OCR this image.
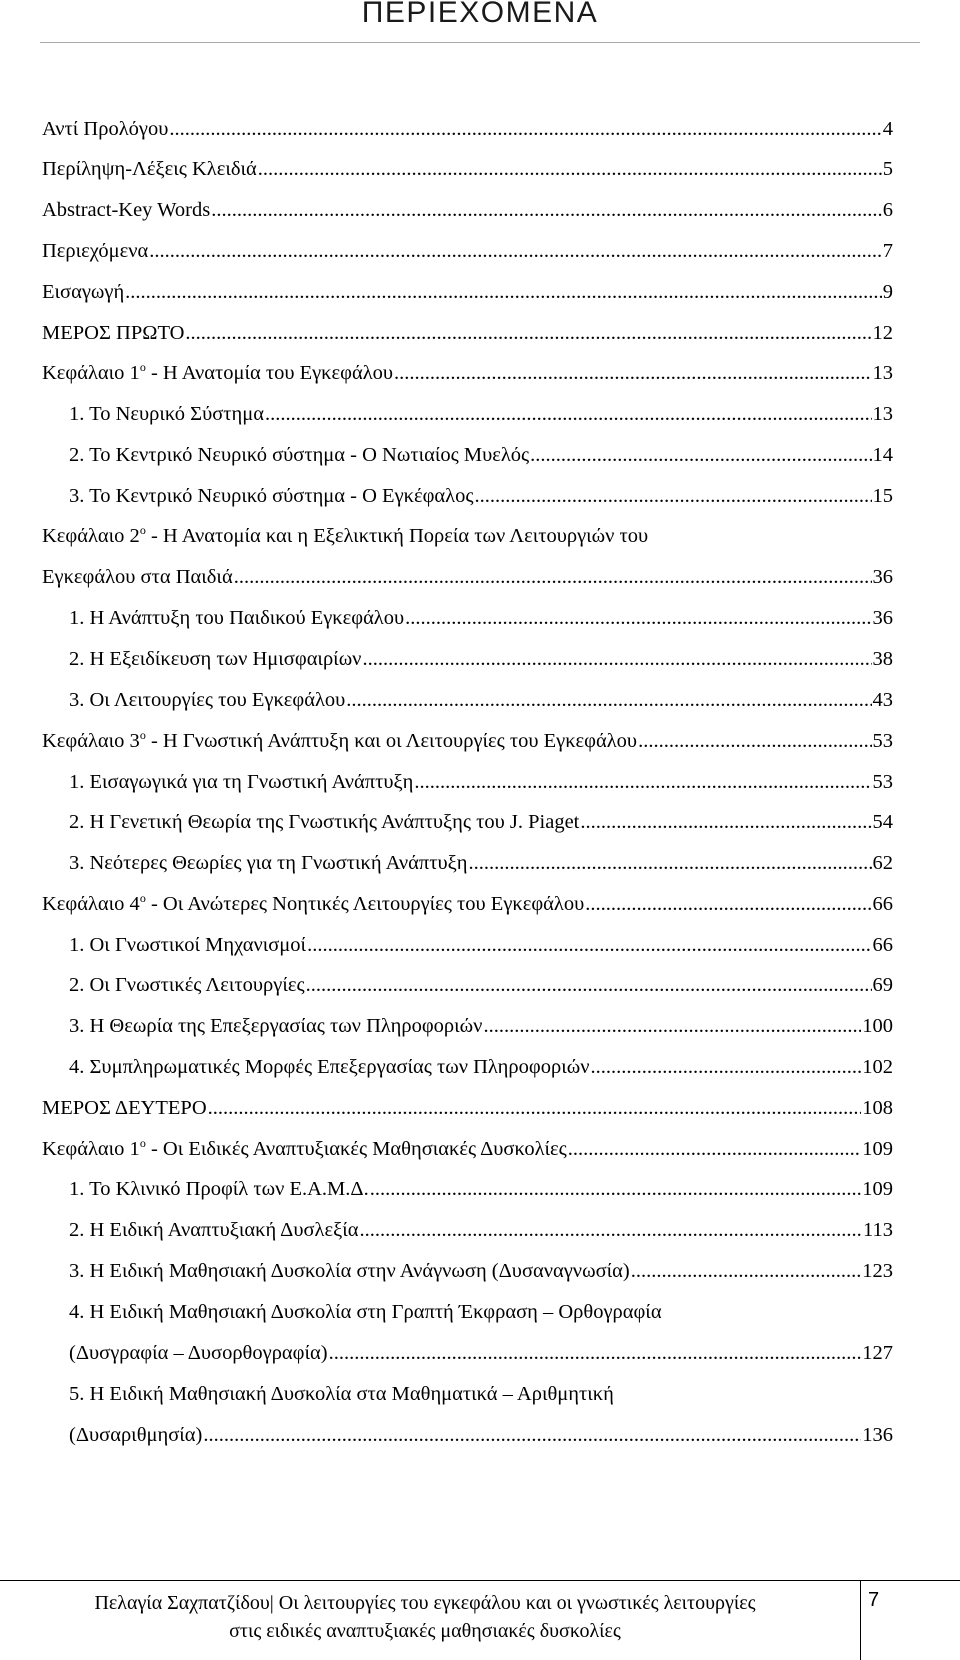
ΠΕΡΙΕΧΟΜΕΝΑ
Αντί Προλόγου .....	4
Περίληψη-Λέξεις Κλειδιά .....	5
Abstract-Key Words .....	6
Περιεχόμενα .....	7
Εισαγωγή .....	9
ΜΕΡΟΣ ΠΡΩΤΟ .....	12
Κεφάλαιο $1^o$ - Η Ανατομία του Εγκεφάλου .....	13
1. Το Νευρικό Σύστημα .....	13
2. Το Κεντρικό Νευρικό σύστημα - Ο Νωτιαίος Μυελός .....	14
3. Το Κεντρικό Νευρικό σύστημα - Ο Εγκέφαλος .....	15
Κεφάλαιο $2^o$ - Η Ανατομία και η Εξελικτική Πορεία των Λειτουργιών του
Εγκεφάλου στα Παιδιά .....	36
1. Η Ανάπτυξη του Παιδικού Εγκεφάλου .....	36
2. Η Εξειδίκευση των Ημισφαιρίων .....	38
3. Οι Λειτουργίες του Εγκεφάλου .....	43
Κεφάλαιο $3^o$ - Η Γνωστική Ανάπτυξη και οι Λειτουργίες του Εγκεφάλου .....	53
1. Εισαγωγικά για τη Γνωστική Ανάπτυξη .....	53
2. Η Γενετική Θεωρία της Γνωστικής Ανάπτυξης του J. Piaget .....	54
3. Νεότερες Θεωρίες για τη Γνωστική Ανάπτυξη .....	62
Κεφάλαιο $4^o$ - Οι Ανώτερες Νοητικές Λειτουργίες του Εγκεφάλου .....	66
1. Οι Γνωστικοί Μηχανισμοί .....	66
2. Οι Γνωστικές Λειτουργίες .....	69
3. Η Θεωρία της Επεξεργασίας των Πληροφοριών .....	100
4. Συμπληρωματικές Μορφές Επεξεργασίας των Πληροφοριών .....	102
ΜΕΡΟΣ ΔΕΥΤΕΡΟ .....	108
Κεφάλαιο $1^o$ - Οι Ειδικές Αναπτυξιακές Μαθησιακές Δυσκολίες .....	109
1. Το Κλινικό Προφίλ των Ε.Α.Μ.Δ. .....	109
2. Η Ειδική Αναπτυξιακή Δυσλεξία .....	113
3. Η Ειδική Μαθησιακή Δυσκολία στην Ανάγνωση (Δυσαναγνωσία) .....	123
4. Η Ειδική Μαθησιακή Δυσκολία στη Γραπτή Έκφραση – Ορθογραφία
(Δυσγραφία – Δυσορθογραφία) .....	127
5. Η Ειδική Μαθησιακή Δυσκολία στα Μαθηματικά – Αριθμητική
(Δυσαριθμησία) .....	136
Πελαγία Σαχπατζίδου| Οι λειτουργίες του εγκεφάλου και οι γνωστικές λειτουργίες
στις ειδικές αναπτυξιακές μαθησιακές δυσκολίες
7
